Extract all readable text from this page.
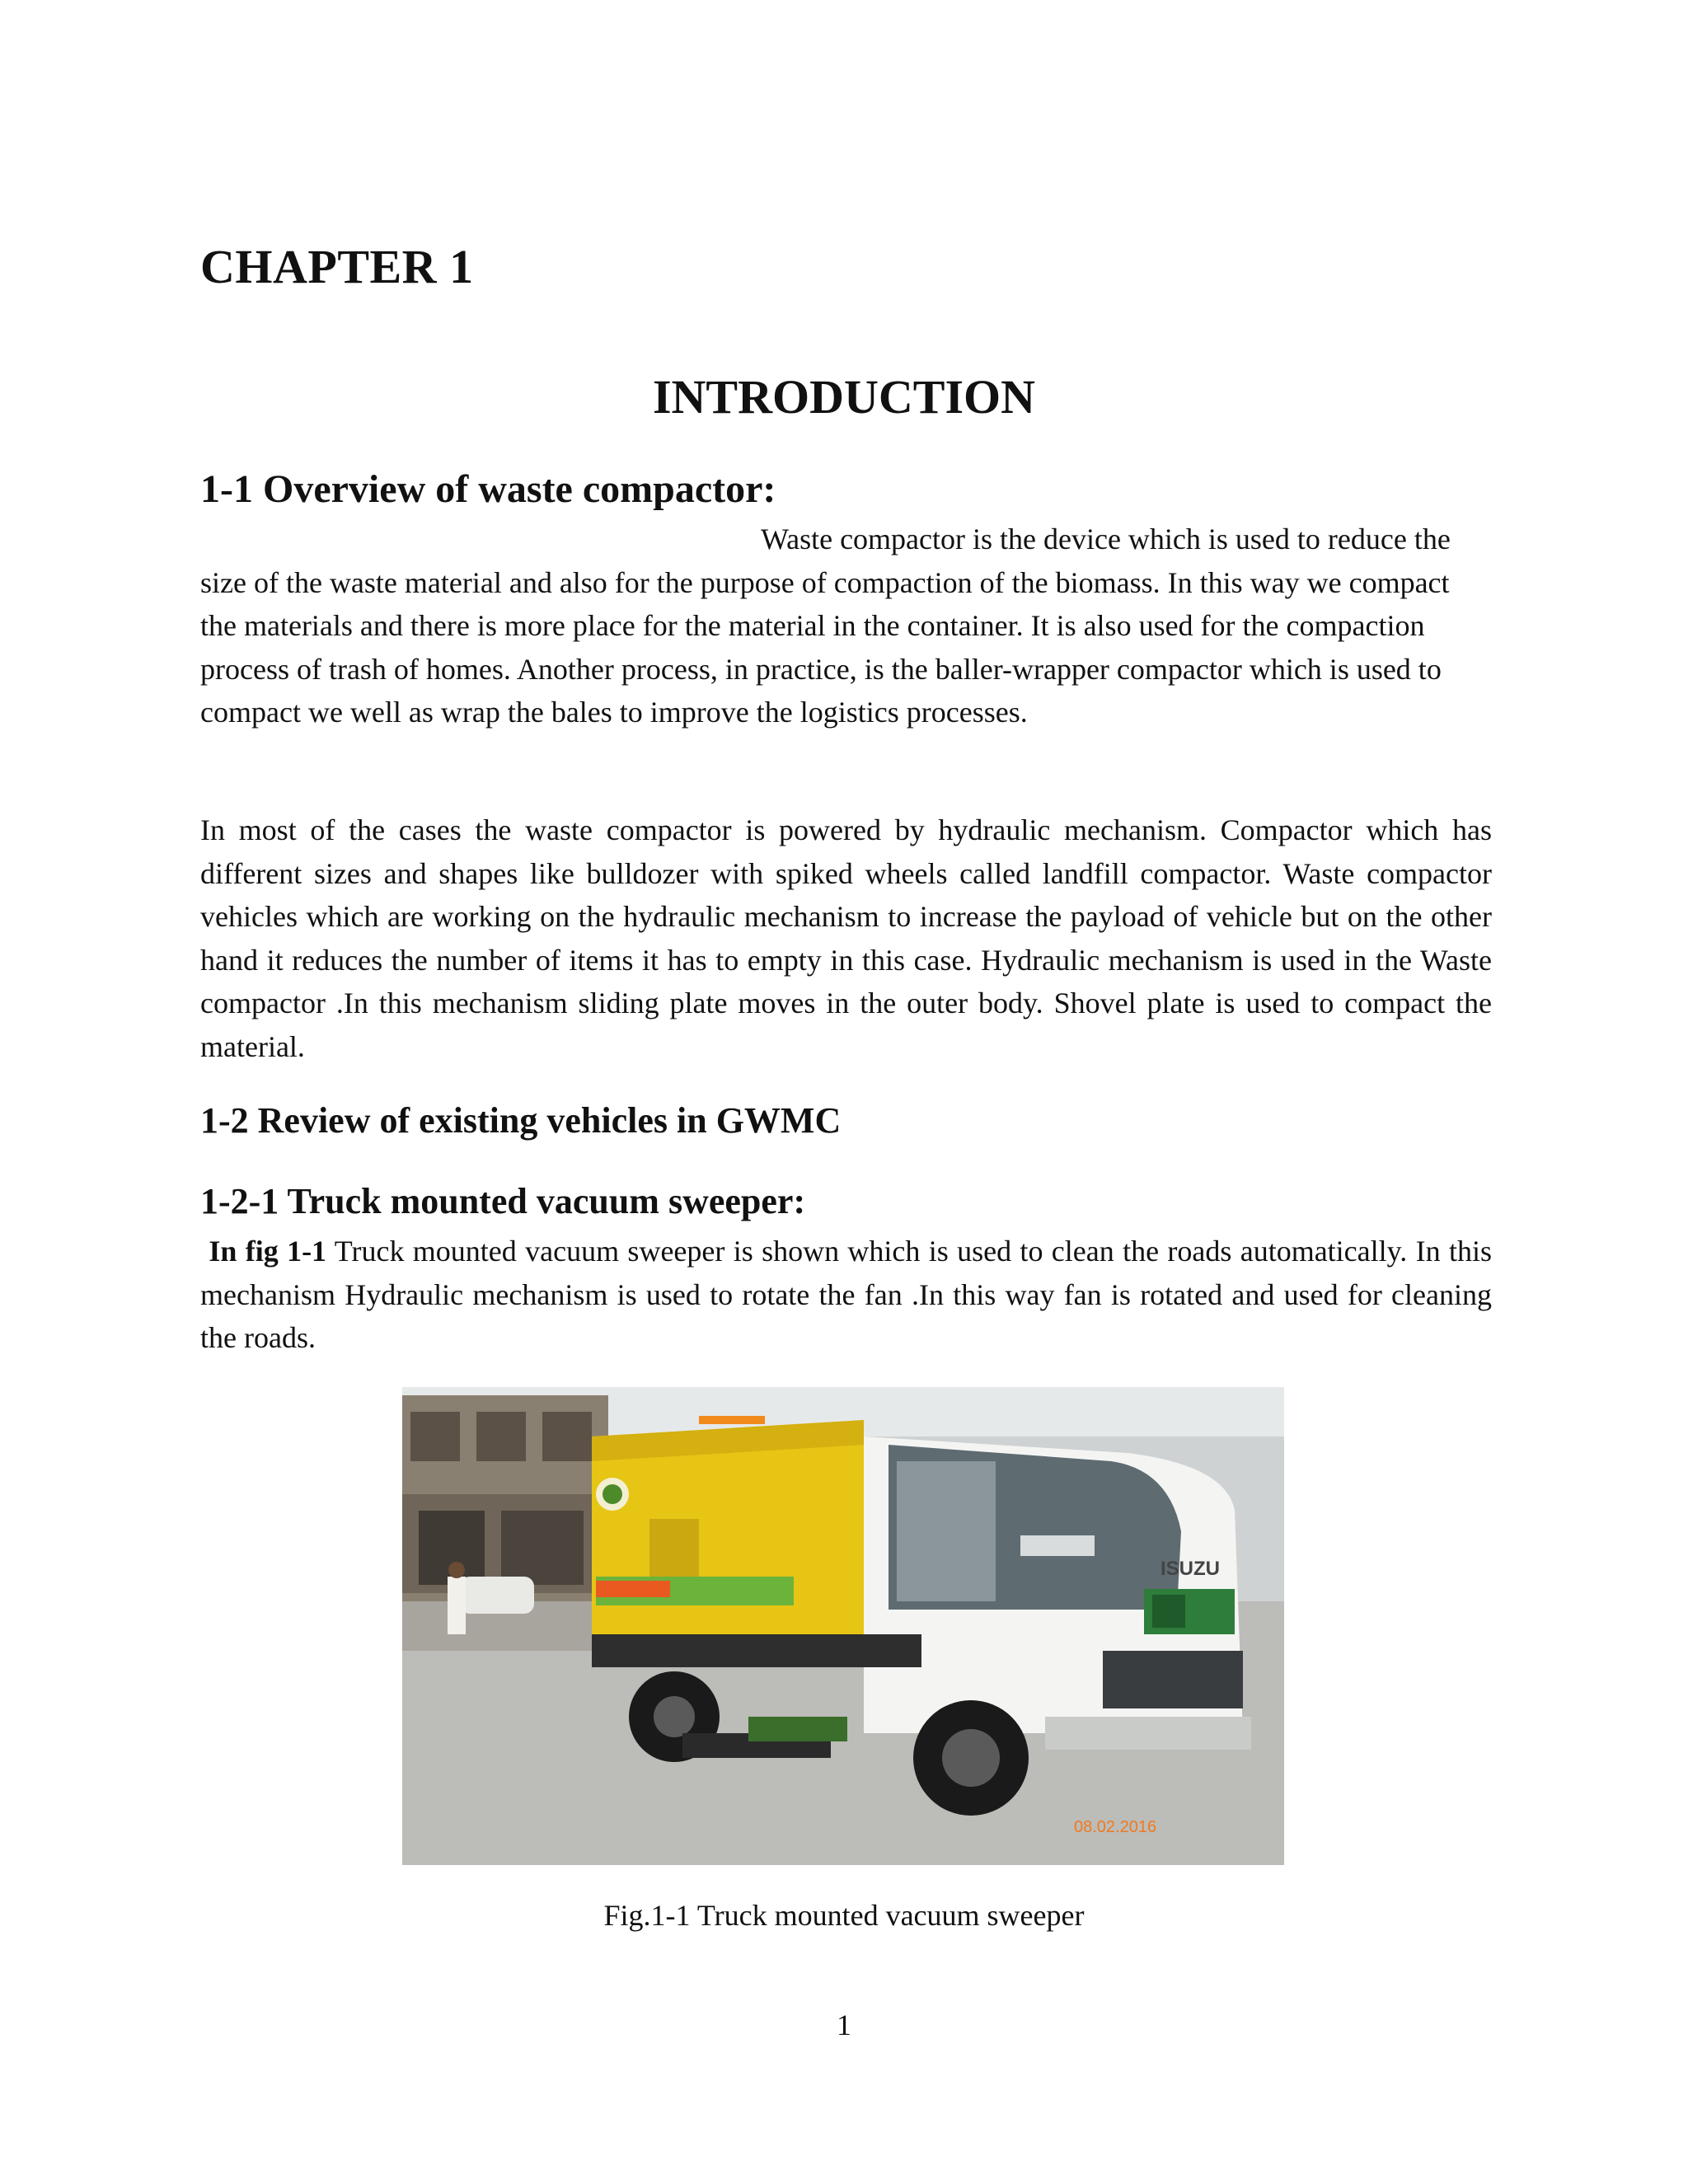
CHAPTER 1
INTRODUCTION
1-1 Overview of waste compactor:

Waste compactor is the device which is used to reduce the size of the waste material and also for the purpose of compaction of the biomass. In this way we compact the materials and there is more place for the material in the container. It is also used for the compaction process of trash of homes. Another process, in practice, is the baller-wrapper compactor which is used to compact we well as wrap the bales to improve the logistics processes.

In most of the cases the waste compactor is powered by hydraulic mechanism. Compactor which has different sizes and shapes like bulldozer with spiked wheels called landfill compactor. Waste compactor vehicles which are working on the hydraulic mechanism to increase the payload of vehicle but on the other hand it reduces the number of items it has to empty in this case. Hydraulic mechanism is used in the Waste compactor .In this mechanism sliding plate moves in the outer body. Shovel plate is used to compact the material.

1-2 Review of existing vehicles in GWMC
1-2-1 Truck mounted vacuum sweeper:

In fig 1-1 Truck mounted vacuum sweeper is shown which is used to clean the roads automatically. In this mechanism Hydraulic mechanism is used to rotate the fan .In this way fan is rotated and used for cleaning the roads.

ISUZU
08.02.2016

Fig.1-1 Truck mounted vacuum sweeper

1
